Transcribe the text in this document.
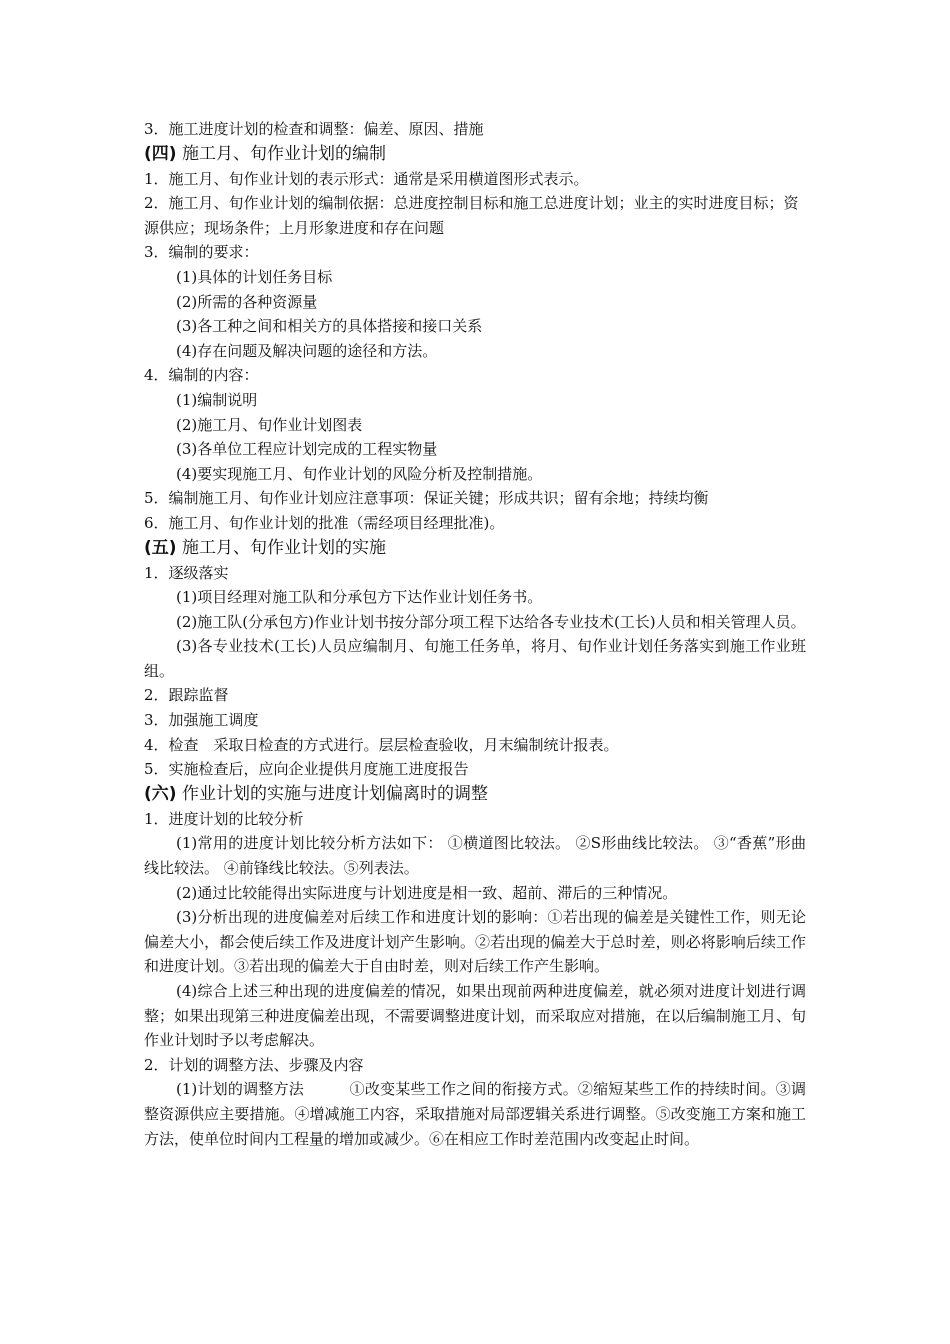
3．施工进度计划的检查和调整：偏差、原因、措施

(四) 施工月、旬作业计划的编制

1．施工月、旬作业计划的表示形式：通常是采用横道图形式表示。

2．施工月、旬作业计划的编制依据：总进度控制目标和施工总进度计划；业主的实时进度目标；资源供应；现场条件；上月形象进度和存在问题

3．编制的要求：

(1)具体的计划任务目标

(2)所需的各种资源量

(3)各工种之间和相关方的具体搭接和接口关系

(4)存在问题及解决问题的途径和方法。

4．编制的内容：

(1)编制说明

(2)施工月、旬作业计划图表

(3)各单位工程应计划完成的工程实物量

(4)要实现施工月、旬作业计划的风险分析及控制措施。

5．编制施工月、旬作业计划应注意事项：保证关键；形成共识；留有余地；持续均衡

6．施工月、旬作业计划的批准（需经项目经理批准)。

(五) 施工月、旬作业计划的实施

1．逐级落实

(1)项目经理对施工队和分承包方下达作业计划任务书。

(2)施工队(分承包方)作业计划书按分部分项工程下达给各专业技术(工长)人员和相关管理人员。

(3)各专业技术(工长)人员应编制月、旬施工任务单，将月、旬作业计划任务落实到施工作业班组。

2．跟踪监督

3．加强施工调度

4．检查　采取日检查的方式进行。层层检查验收，月末编制统计报表。

5．实施检查后，应向企业提供月度施工进度报告

(六) 作业计划的实施与进度计划偏离时的调整

1．进度计划的比较分析

(1)常用的进度计划比较分析方法如下： ①横道图比较法。 ②S形曲线比较法。 ③“香蕉”形曲线比较法。 ④前锋线比较法。⑤列表法。

(2)通过比较能得出实际进度与计划进度是相一致、超前、滞后的三种情况。

(3)分析出现的进度偏差对后续工作和进度计划的影响：①若出现的偏差是关键性工作，则无论偏差大小，都会使后续工作及进度计划产生影响。②若出现的偏差大于总时差，则必将影响后续工作和进度计划。③若出现的偏差大于自由时差，则对后续工作产生影响。

(4)综合上述三种出现的进度偏差的情况，如果出现前两种进度偏差，就必须对进度计划进行调整；如果出现第三种进度偏差出现，不需要调整进度计划，而采取应对措施，在以后编制施工月、旬作业计划时予以考虑解决。

2．计划的调整方法、步骤及内容

(1)计划的调整方法　　　①改变某些工作之间的衔接方式。②缩短某些工作的持续时间。③调整资源供应主要措施。④增减施工内容，采取措施对局部逻辑关系进行调整。⑤改变施工方案和施工方法，使单位时间内工程量的增加或减少。⑥在相应工作时差范围内改变起止时间。
